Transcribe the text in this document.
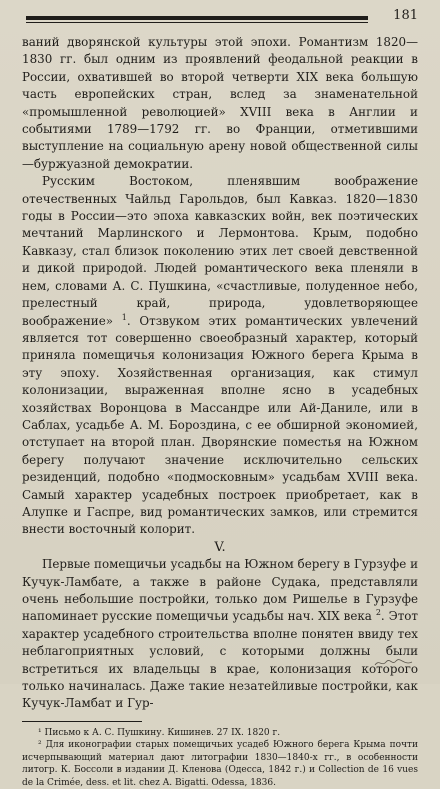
181

ваний дворянской культуры этой эпохи. Романтизм 1820—1830 гг. был одним из проявлений феодальной реакции в России, охватившей во второй четверти XIX века большую часть европейских стран, вслед за знаменательной «промышленной революцией» XVIII века в Англии и событиями 1789—1792 гг. во Франции, отметившими выступление на социальную арену новой общественной силы—буржуазной демократии.

Русским Востоком, пленявшим воображение отечественных Чайльд Гарольдов, был Кавказ. 1820—1830 годы в России—это эпоха кавказских войн, век поэтических мечтаний Марлинского и Лермонтова. Крым, подобно Кавказу, стал близок поколению этих лет своей девственной и дикой природой. Людей романтического века пленяли в нем, словами А. С. Пушкина, «счастливые, полуденное небо, прелестный край, природа, удовлетворяющее воображение» $^1$. Отзвуком этих романтических увлечений является тот совершенно своеобразный характер, который приняла помещичья колонизация Южного берега Крыма в эту эпоху. Хозяйственная организация, как стимул колонизации, выраженная вполне ясно в усадебных хозяйствах Воронцова в Массандре или Ай-Даниле, или в Саблах, усадьбе А. М. Бороздина, с ее обширной экономией, отступает на второй план. Дворянские поместья на Южном берегу получают значение исключительно сельских резиденций, подобно «подмосковным» усадьбам XVIII века. Самый характер усадебных построек приобретает, как в Алупке и Гаспре, вид романтических замков, или стремится внести восточный колорит.

V.

Первые помещичьи усадьбы на Южном берегу в Гурзуфе и Кучук-Ламбате, а также в районе Судака, представляли очень небольшие постройки, только дом Ришелье в Гурзуфе напоминает русские помещичьи усадьбы нач. XIX века $^2$. Этот характер усадебного строительства вполне понятен ввиду тех неблагоприятных условий, с которыми должны были встретиться их владельцы в крае, колонизация которого только начиналась. Даже такие незатейливые постройки, как Кучук-Ламбат и Гур-

¹ Письмо к А. С. Пушкину. Кишинев. 27 IX. 1820 г.

² Для иконографии старых помещичьих усадеб Южного берега Крыма почти исчерпывающий материал дают литографии 1830—1840-х гг., в особенности литогр. К. Боссоли в издании Д. Кленова (Одесса, 1842 г.) и Collection de 16 vues de la Crimée, dess. et lit. chez A. Bigatti. Odessa, 1836.
